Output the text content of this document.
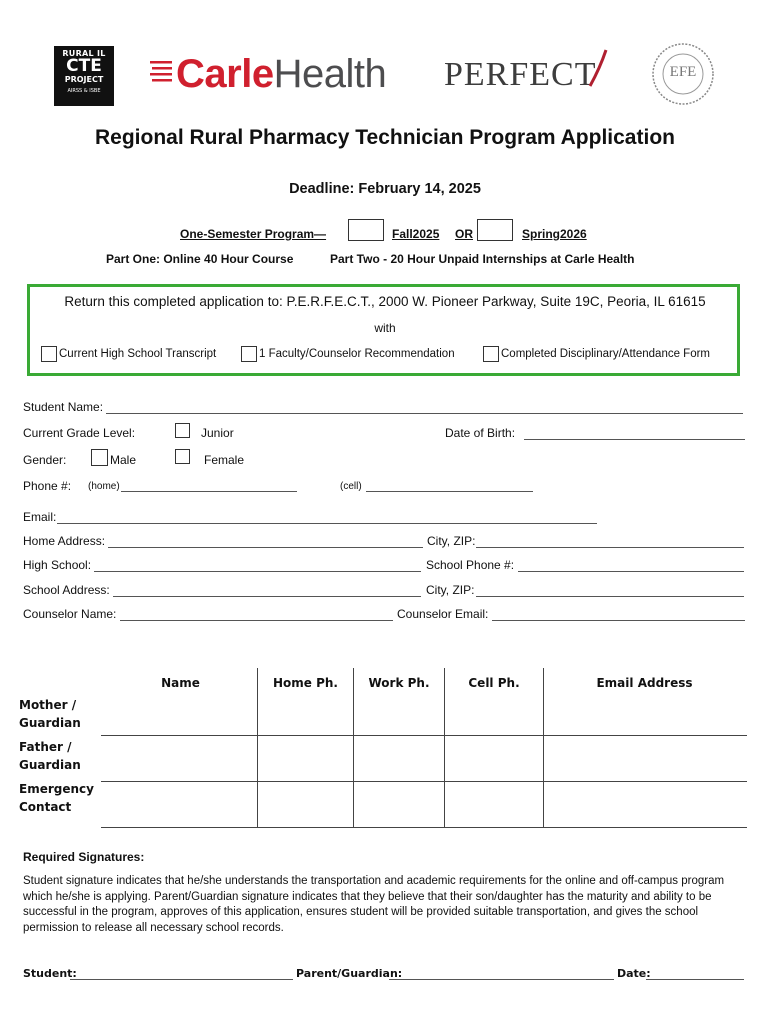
RURAL IL
CTE
PROJECT
AIRSS & ISBE	CarleHealth PERFECT	EFE
Regional Rural Pharmacy Technician Program Application
Deadline: February 14, 2025
One-Semester Program—	Fall2025 OR	Spring2026
Part One: Online 40 Hour Course	Part Two - 20 Hour Unpaid Internships at Carle Health
Return this completed application to: P.E.R.F.E.C.T., 2000 W. Pioneer Parkway, Suite 19C, Peoria, IL 61615
with
Current High School Transcript	1 Faculty/Counselor Recommendation	Completed Disciplinary/Attendance Form
Student Name:
Current Grade Level:	Junior	Date of Birth:
Gender:	Male	Female
Phone #: (home)	(cell)
Email:
Home Address:	City, ZIP:
High School:	School Phone #:
School Address:	City, ZIP:
Counselor Name:	Counselor Email:
Name	Home Ph.	Work Ph.	Cell Ph.	Email Address
Mother /
Guardian
Father /
Guardian
Emergency
Contact
Required Signatures:
Student signature indicates that he/she understands the transportation and academic requirements for the online and off-campus program which he/she is applying. Parent/Guardian signature indicates that they believe that their son/daughter has the maturity and ability to be successful in the program, approves of this application, ensures student will be provided suitable transportation, and gives the school permission to release all necessary school records.
Student:	Parent/Guardian:	Date:
